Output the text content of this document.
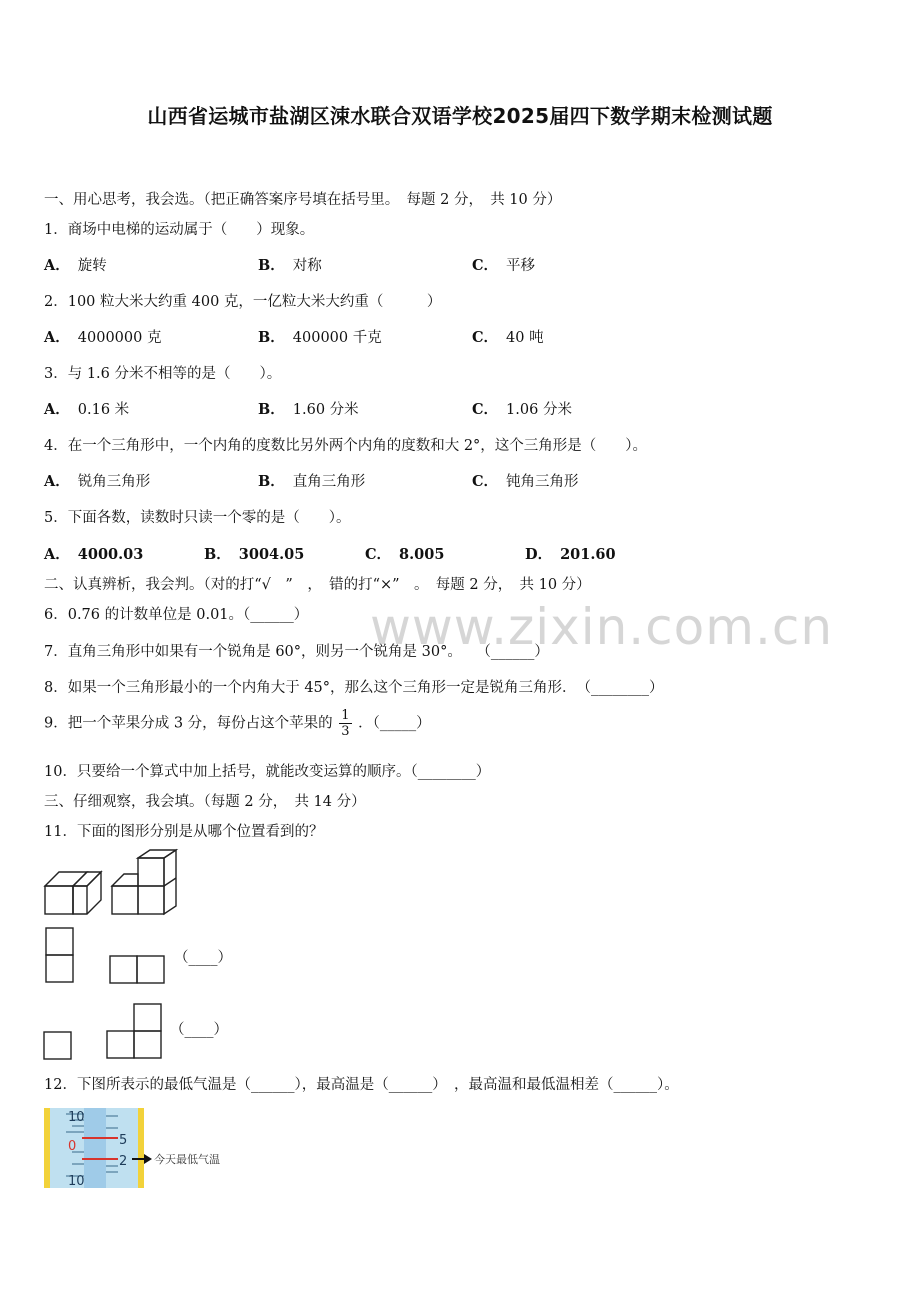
www.zixin.com.cn
山西省运城市盐湖区涑水联合双语学校2025届四下数学期末检测试题
一、用心思考，我会选。（把正确答案序号填在括号里。　每题 2 分，　共 10 分）
1．商场中电梯的运动属于（　　）现象。
A． 旋转	B． 对称	C． 平移
2．100 粒大米大约重 400 克，一亿粒大米大约重（　　　）
A． 4000000 克	B． 400000 千克	C． 40 吨
3．与 1.6 分米不相等的是（　　）。
A． 0.16 米	B． 1.60 分米	C． 1.06 分米
4．在一个三角形中，一个内角的度数比另外两个内角的度数和大 2°，这个三角形是（　　）。
A． 锐角三角形	B． 直角三角形	C． 钝角三角形
5．下面各数，读数时只读一个零的是（　　）。
A． 4000.03	B． 3004.05	C． 8.005	D． 201.60
二、认真辨析，我会判。（对的打“√　”　，　错的打“×”　。　每题 2 分，　共 10 分）
6．0.76 的计数单位是 0.01。（______）
7．直角三角形中如果有一个锐角是 60°，则另一个锐角是 30°。　　（______）
8．如果一个三角形最小的一个内角大于 45°，那么这个三角形一定是锐角三角形．　（________）
9．把一个苹果分成 3 分，每份占这个苹果的 $\frac{1}{3}$ ．（_____）
10．只要给一个算式中加上括号，就能改变运算的顺序。（________）
三、仔细观察，我会填。（每题 2 分，　共 14 分）
11．下面的图形分别是从哪个位置看到的？
（____）
（____）
12．下图所表示的最低气温是（______），最高温是（______）　，最高温和最低温相差（______）。
10
0	5
2
10
今天最低气温
